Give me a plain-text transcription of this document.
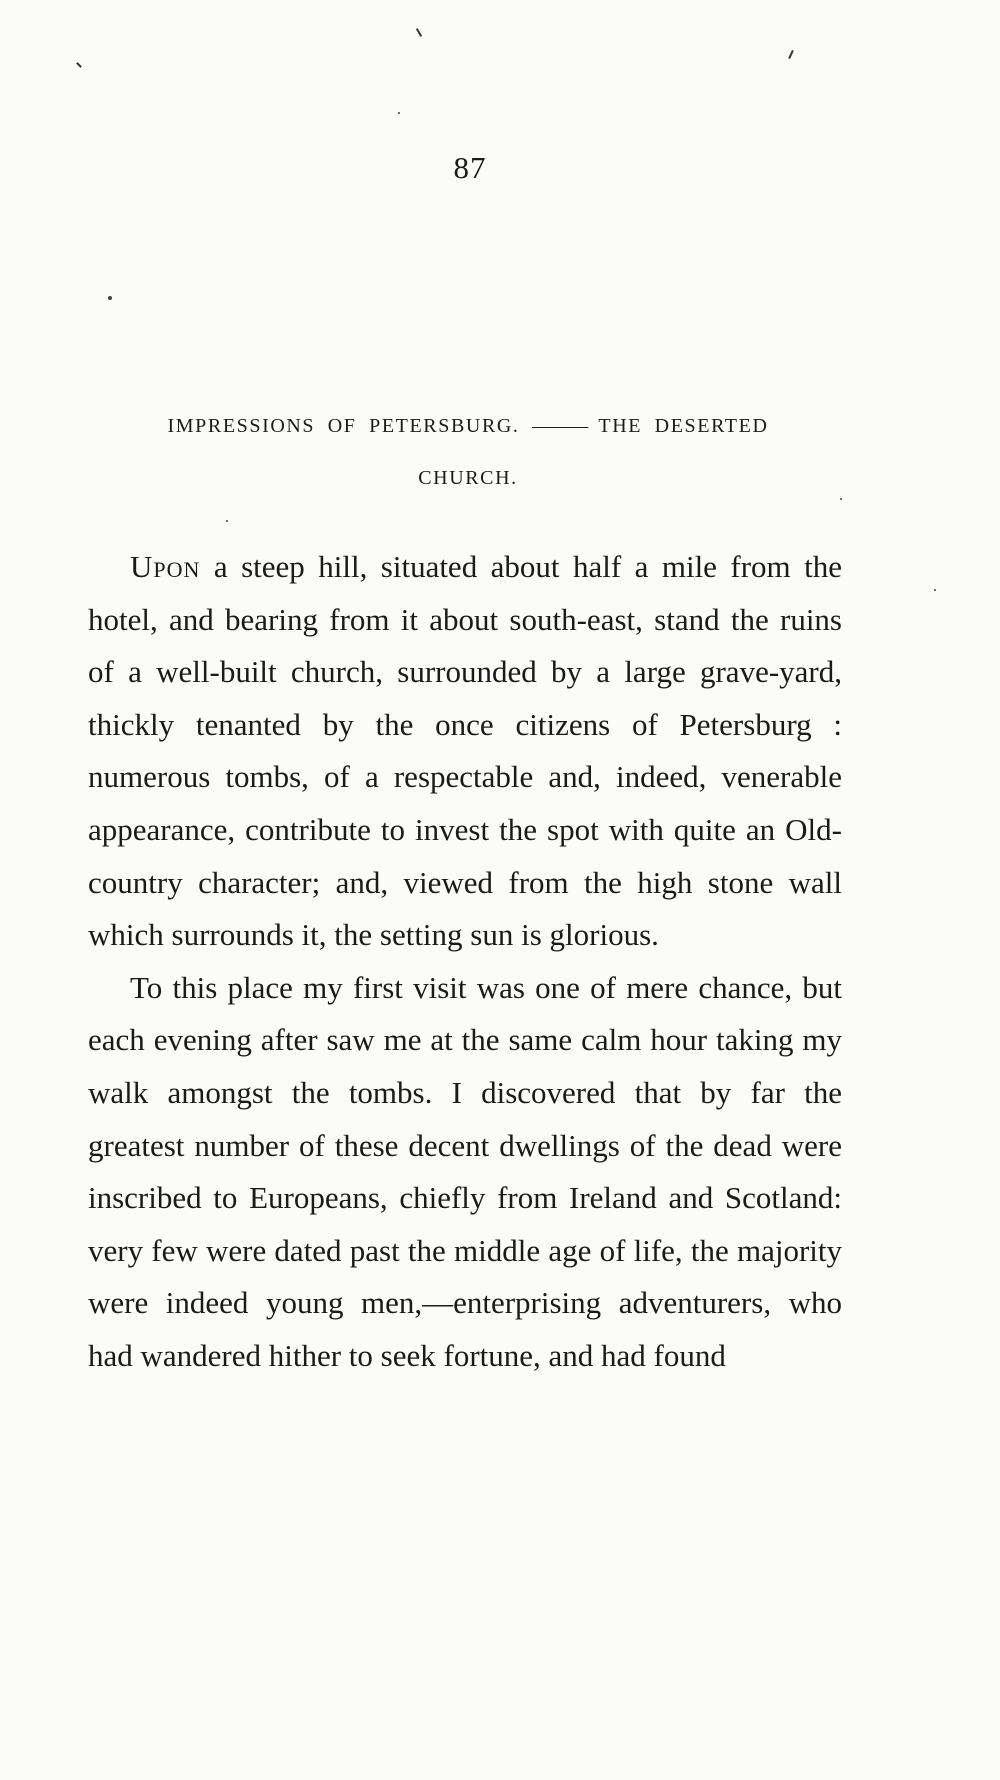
87
IMPRESSIONS OF PETERSBURG. ——— THE DESERTED
CHURCH.

Upon a steep hill, situated about half a mile from the hotel, and bearing from it about south-east, stand the ruins of a well-built church, surrounded by a large grave-yard, thickly tenanted by the once citizens of Petersburg : numerous tombs, of a respectable and, indeed, venerable appearance, contribute to invest the spot with quite an Old-country character; and, viewed from the high stone wall which surrounds it, the setting sun is glorious.

To this place my first visit was one of mere chance, but each evening after saw me at the same calm hour taking my walk amongst the tombs. I discovered that by far the greatest number of these decent dwellings of the dead were inscribed to Europeans, chiefly from Ireland and Scotland: very few were dated past the middle age of life, the majority were indeed young men,—enterprising adventurers, who had wandered hither to seek fortune, and had found
